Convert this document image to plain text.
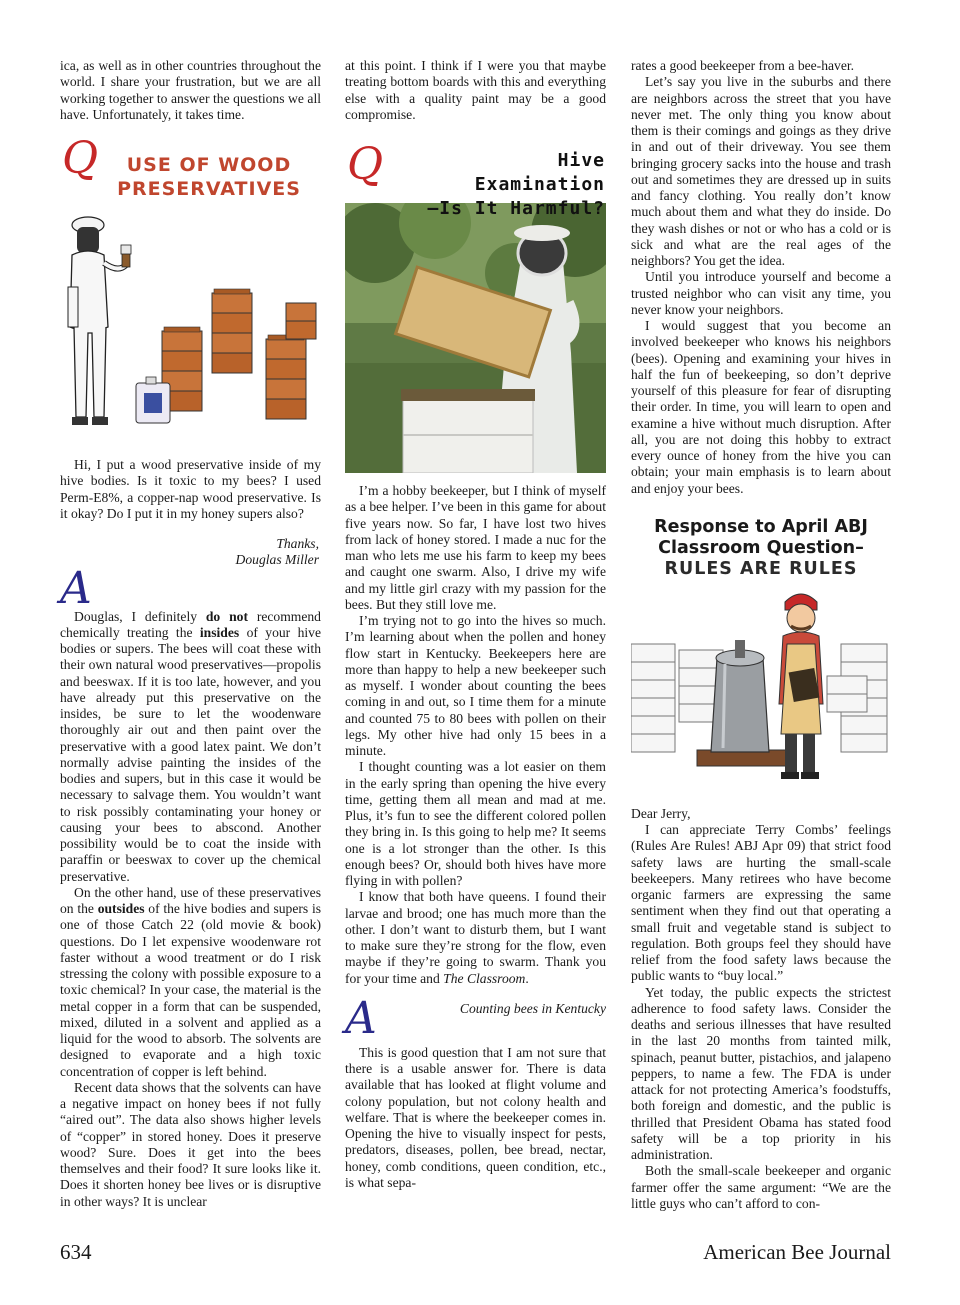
ica, as well as in other countries throughout the world. I share your frustration, but we are all working together to answer the questions we all have. Unfortunately, it takes time.

Q	USE OF WOOD
PRESERVATIVES

Hi, I put a wood preservative inside of my hive bodies. Is it toxic to my bees? I used Perm-E8%, a copper-nap wood preservative. Is it okay? Do I put it in my honey supers also?

Thanks,
Douglas Miller
A

Douglas, I definitely do not recommend chemically treating the insides of your hive bodies or supers. The bees will coat these with their own natural wood preservatives—propolis and beeswax. If it is too late, however, and you have already put this preservative on the insides, be sure to let the woodenware thoroughly air out and then paint over the preservative with a good latex paint. We don’t normally advise painting the insides of the bodies and supers, but in this case it would be necessary to salvage them. You wouldn’t want to risk possibly contaminating your honey or causing your bees to abscond. Another possibility would be to coat the inside with paraffin or beeswax to cover up the chemical preservative.

On the other hand, use of these preservatives on the outsides of the hive bodies and supers is one of those Catch 22 (old movie & book) questions. Do I let expensive woodenware rot faster without a wood treatment or do I risk stressing the colony with possible exposure to a toxic chemical? In your case, the material is the metal copper in a form that can be suspended, mixed, diluted in a solvent and applied as a liquid for the wood to absorb. The solvents are designed to evaporate and a high toxic concentration of copper is left behind.

Recent data shows that the solvents can have a negative impact on honey bees if not fully “aired out”. The data also shows higher levels of “copper” in stored honey. Does it preserve wood? Sure. Does it get into the bees themselves and their food? It sure looks like it. Does it shorten honey bee lives or is disruptive in other ways? It is unclear

at this point. I think if I were you that maybe treating bottom boards with this and everything else with a quality paint may be a good compromise.

Q	Hive Examination
—Is It Harmful?

I’m a hobby beekeeper, but I think of myself as a bee helper. I’ve been in this game for about five years now. So far, I have lost two hives from lack of honey stored. I made a nuc for the man who lets me use his farm to keep my bees and caught one swarm. Also, I drive my wife and my little girl crazy with my passion for the bees. But they still love me.

I’m trying not to go into the hives so much. I’m learning about when the pollen and honey flow start in Kentucky. Beekeepers here are more than happy to help a new beekeeper such as myself. I wonder about counting the bees coming in and out, so I time them for a minute and counted 75 to 80 bees with pollen on their legs. My other hive had only 15 bees in a minute.

I thought counting was a lot easier on them in the early spring than opening the hive every time, getting them all mean and mad at me. Plus, it’s fun to see the different colored pollen they bring in. Is this going to help me? It seems one is a lot stronger than the other. Is this enough bees? Or, should both hives have more flying in with pollen?

I know that both have queens. I found their larvae and brood; one has much more than the other. I don’t want to disturb them, but I want to make sure they’re strong for the flow, even maybe if they’re going to swarm. Thank you for your time and The Classroom.

A	Counting bees in Kentucky

This is good question that I am not sure that there is a usable answer for. There is data available that has looked at flight volume and colony population, but not colony health and welfare. That is where the beekeeper comes in. Opening the hive to visually inspect for pests, predators, diseases, pollen, bee bread, nectar, honey, comb conditions, queen condition, etc., is what sepa-

rates a good beekeeper from a bee-haver.

Let’s say you live in the suburbs and there are neighbors across the street that you have never met. The only thing you know about them is their comings and goings as they drive in and out of their driveway. You see them bringing grocery sacks into the house and trash out and sometimes they are dressed up in suits and fancy clothing. You really don’t know much about them and what they do inside. Do they wash dishes or not or who has a cold or is sick and what are the real ages of the neighbors? You get the idea.

Until you introduce yourself and become a trusted neighbor who can visit any time, you never know your neighbors.

I would suggest that you become an involved beekeeper who knows his neighbors (bees). Opening and examining your hives in half the fun of beekeeping, so don’t deprive yourself of this pleasure for fear of disrupting their order. In time, you will learn to open and examine a hive without much disruption. After all, you are not doing this hobby to extract every ounce of honey from the hive you can obtain; your main emphasis is to learn about and enjoy your bees.

Response to April ABJ
Classroom Question–
RULES ARE RULES

Dear Jerry,

I can appreciate Terry Combs’ feelings (Rules Are Rules! ABJ Apr 09) that strict food safety laws are hurting the small-scale beekeepers. Many retirees who have become organic farmers are expressing the same sentiment when they find out that operating a small fruit and vegetable stand is subject to regulation. Both groups feel they should have relief from the food safety laws because the public wants to “buy local.”

Yet today, the public expects the strictest adherence to food safety laws. Consider the deaths and serious illnesses that have resulted in the last 20 months from tainted milk, spinach, peanut butter, pistachios, and jalapeno peppers, to name a few. The FDA is under attack for not protecting America’s foodstuffs, both foreign and domestic, and the public is thrilled that President Obama has stated food safety will be a top priority in his administration.

Both the small-scale beekeeper and organic farmer offer the same argument: “We are the little guys who can’t afford to con-

634	American Bee Journal
